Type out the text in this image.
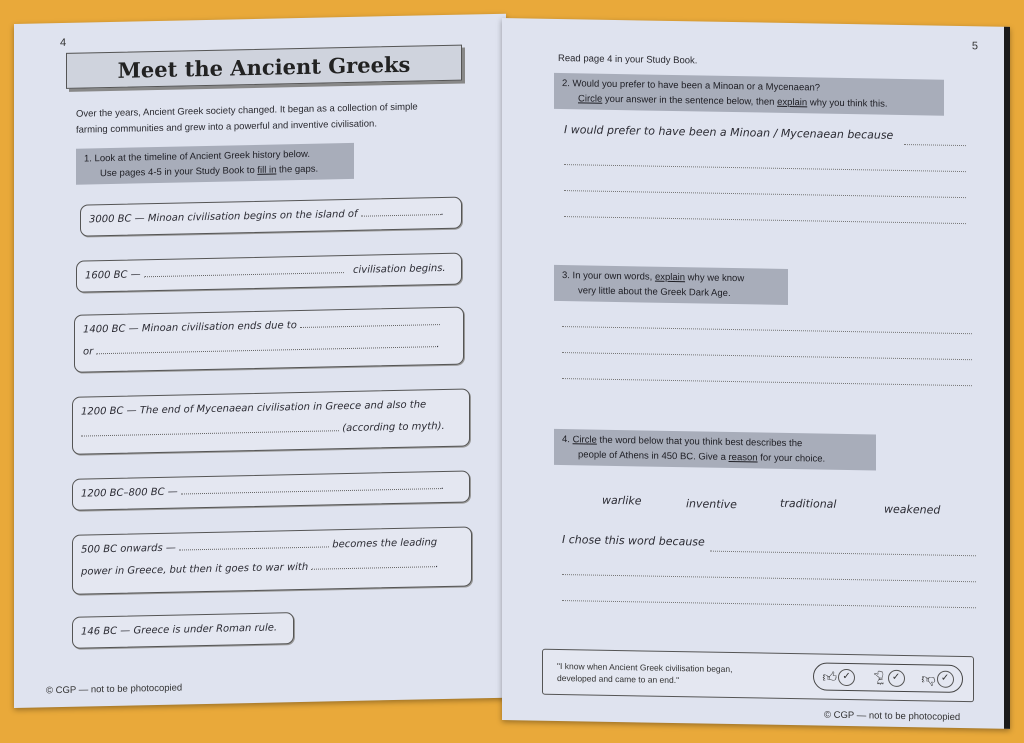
4
Meet the Ancient Greeks
Over the years, Ancient Greek society changed. It began as a collection of simple
farming communities and grew into a powerful and inventive civilisation.
1. Look at the timeline of Ancient Greek history below.
Use pages 4-5 in your Study Book to fill in the gaps.
3000 BC — Minoan civilisation begins on the island of	.
1600 BC —	civilisation begins.
1400 BC — Minoan civilisation ends due to
or .
1200 BC — The end of Mycenaean civilisation in Greece and also the
(according to myth).
1200 BC–800 BC — .
500 BC onwards —	becomes the leading
power in Greece, but then it goes to war with	.
146 BC — Greece is under Roman rule.
© CGP — not to be photocopied
5
Read page 4 in your Study Book.
2. Would you prefer to have been a Minoan or a Mycenaean?
Circle your answer in the sentence below, then explain why you think this.
I would prefer to have been a Minoan / Mycenaean because
3. In your own words, explain why we know
very little about the Greek Dark Age.
4. Circle the word below that you think best describes the
people of Athens in 450 BC. Give a reason for your choice.
warlike	inventive	traditional	weakened
I chose this word because
"I know when Ancient Greek civilisation began,
developed and came to an end."	👍︎ ✓	👍︎ ✓	👎︎ ✓
© CGP — not to be photocopied
